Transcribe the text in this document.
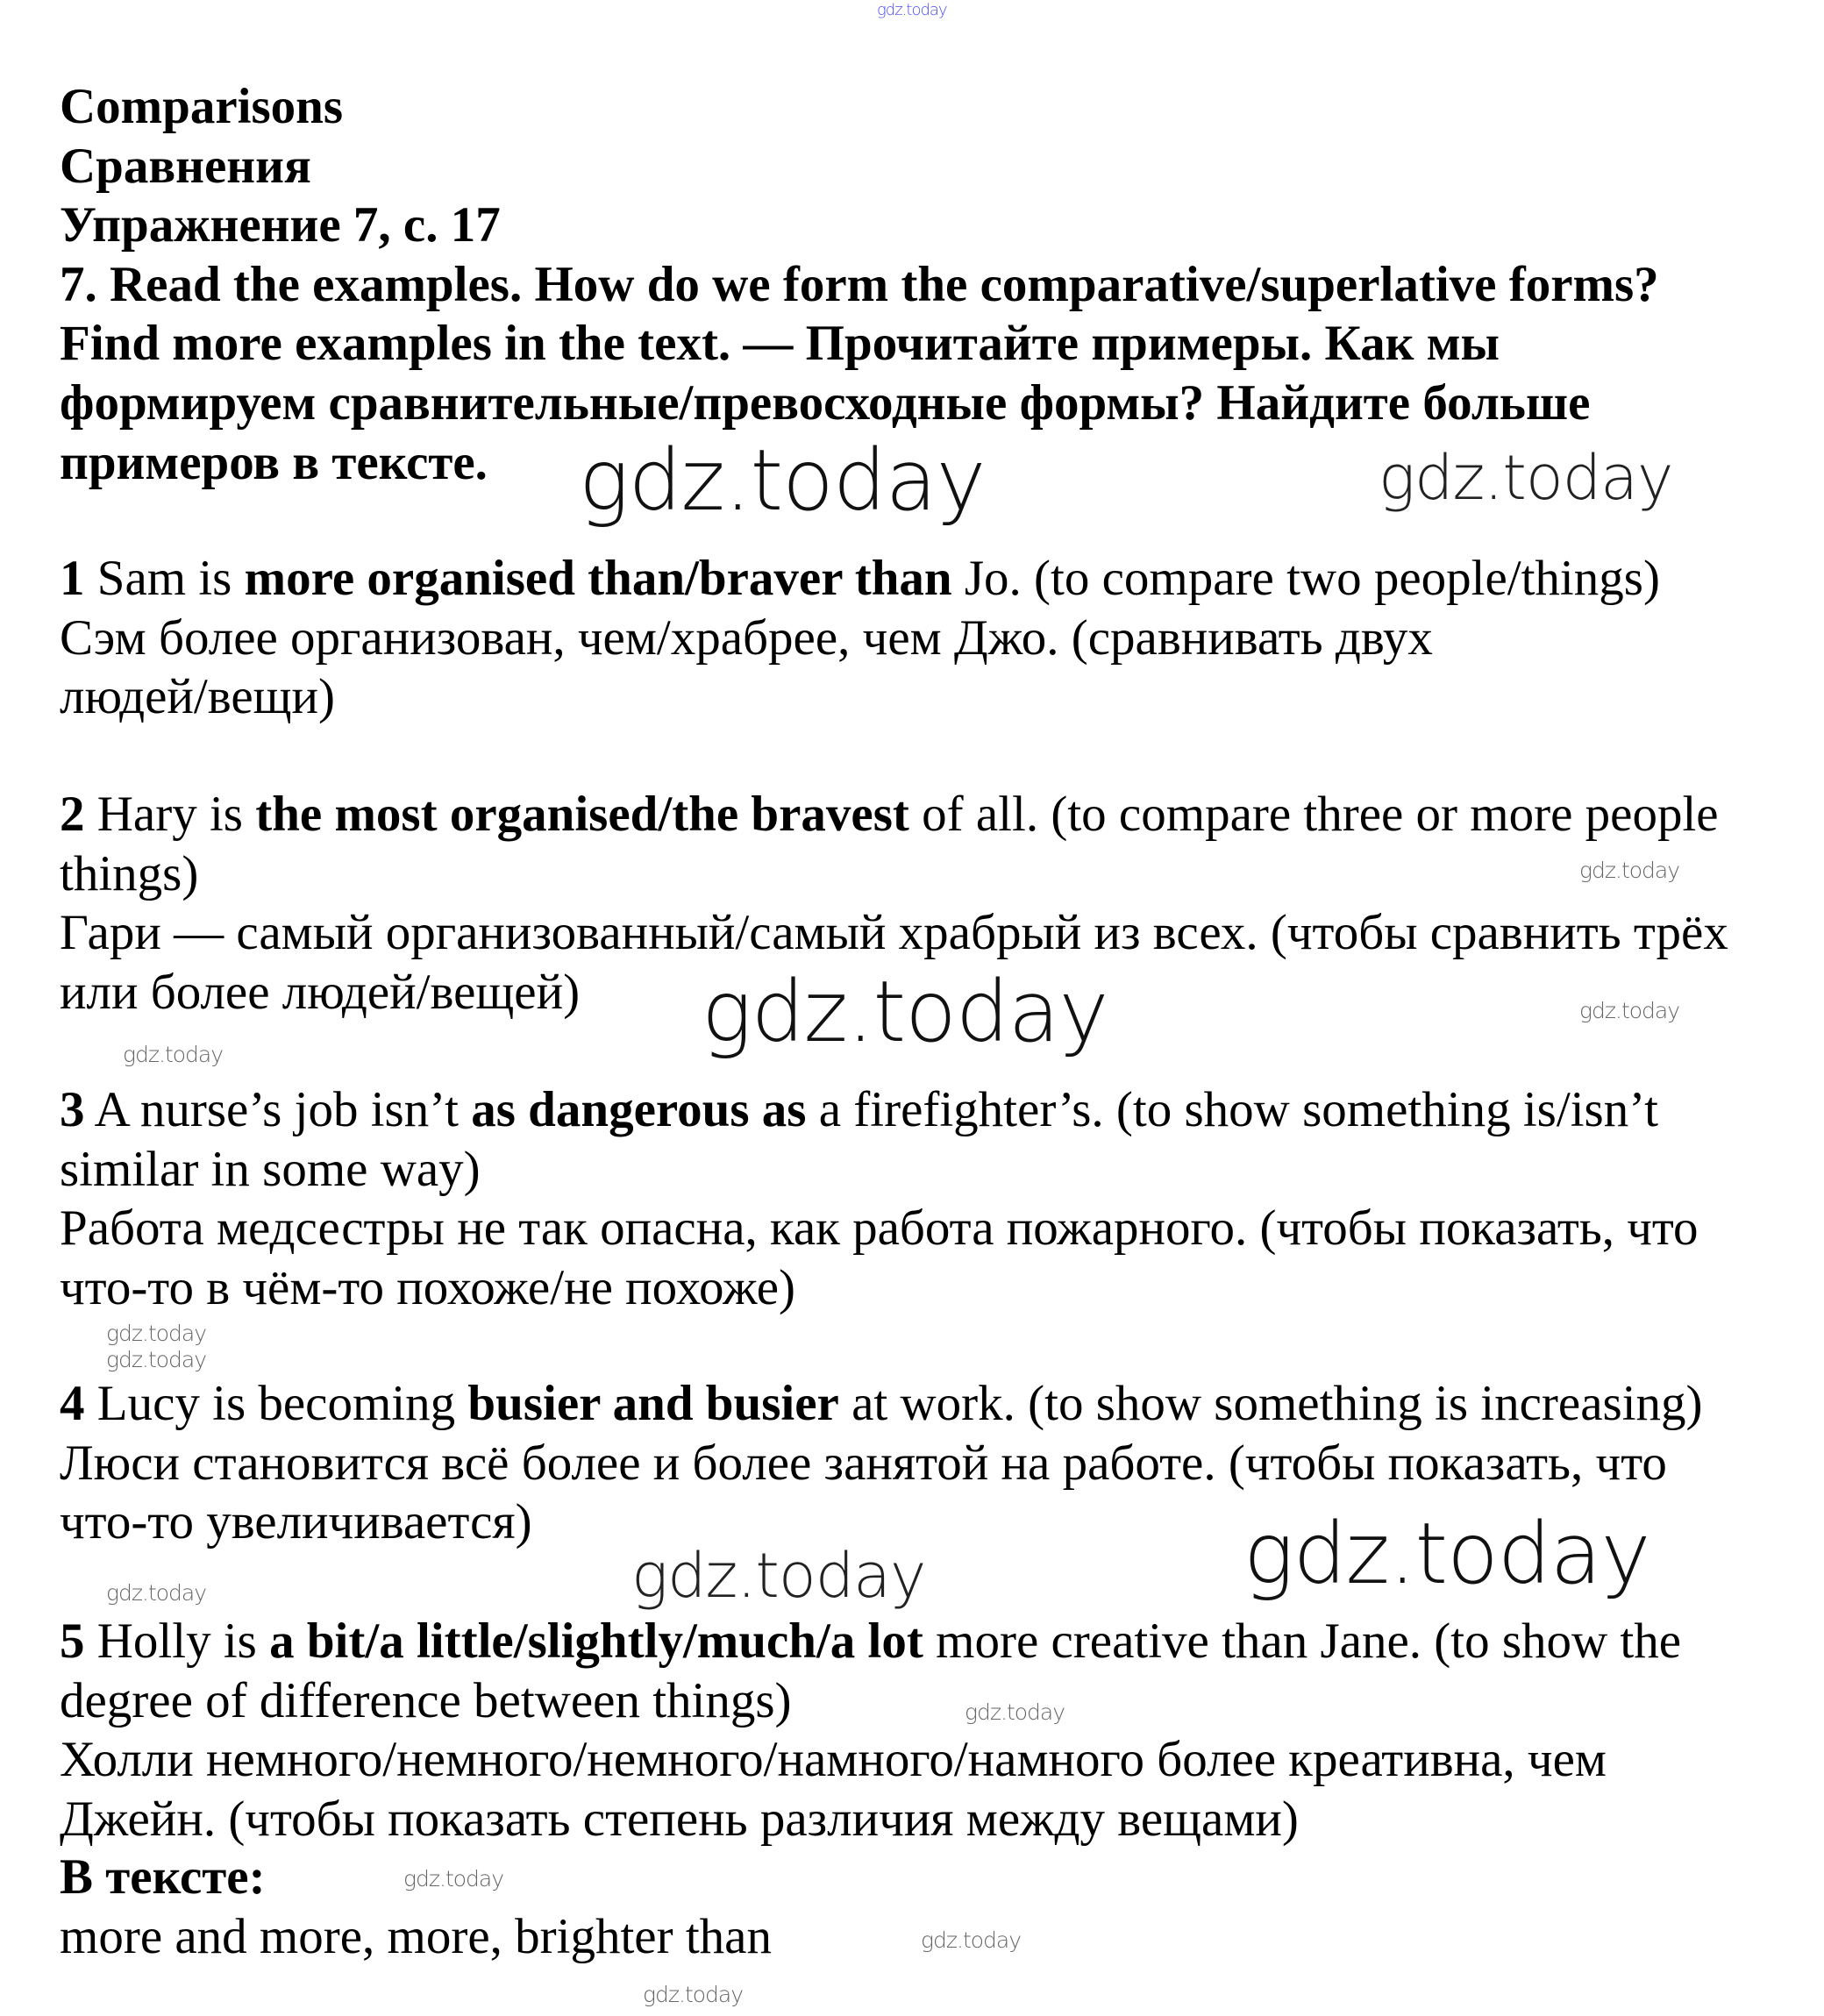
Comparisons
Сравнения
Упражнение 7, с. 17
7. Read the examples. How do we form the comparative/superlative forms?
Find more examples in the text. — Прочитайте примеры. Как мы
формируем сравнительные/превосходные формы? Найдите больше
примеров в тексте.
1 Sam is more organised than/braver than Jo. (to compare two people/things)
Сэм более организован, чем/храбрее, чем Джо. (сравнивать двух
людей/вещи)
2 Hary is the most organised/the bravest of all. (to compare three or more people
things)
Гари — самый организованный/самый храбрый из всех. (чтобы сравнить трёх
или более людей/вещей)
3 A nurse’s job isn’t as dangerous as a firefighter’s. (to show something is/isn’t
similar in some way)
Работа медсестры не так опасна, как работа пожарного. (чтобы показать, что
что-то в чём-то похоже/не похоже)
4 Lucy is becoming busier and busier at work. (to show something is increasing)
Люси становится всё более и более занятой на работе. (чтобы показать, что
что-то увеличивается)
5 Holly is a bit/a little/slightly/much/a lot more creative than Jane. (to show the
degree of difference between things)
Холли немного/немного/немного/намного/намного более креативна, чем
Джейн. (чтобы показать степень различия между вещами)
В тексте:
more and more, more, brighter than
gdz.today
gdz.today	gdz.today
gdz.today
gdz.today	gdz.today
gdz.today
gdz.today
gdz.today
gdz.today	gdz.today
gdz.today
gdz.today
gdz.today
gdz.today
gdz.today
